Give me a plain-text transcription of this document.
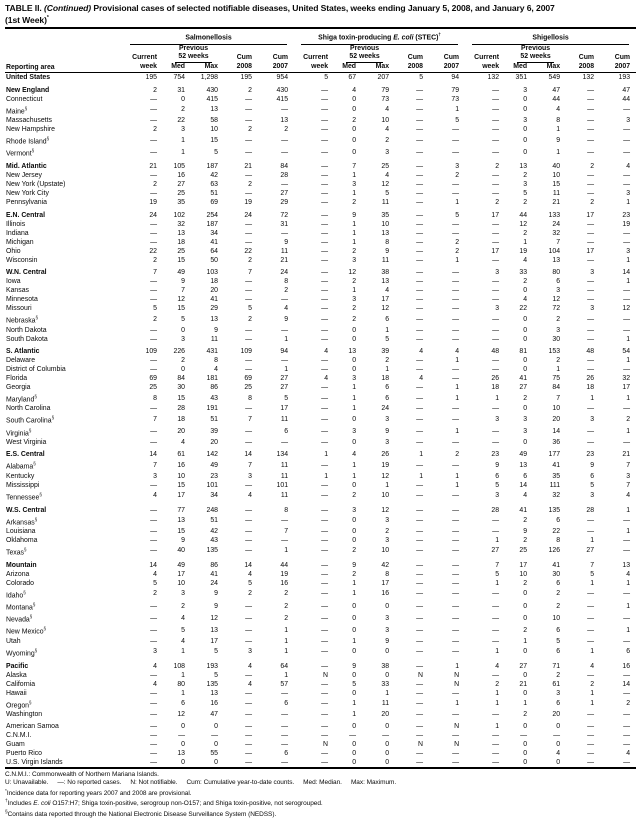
TABLE II. (Continued) Provisional cases of selected notifiable diseases, United States, weeks ending January 5, 2008, and January 6, 2007
(1st Week)*
Reporting area	Salmonellosis					Shiga toxin-producing E. coli (STEC)†					Shigellosis				

		Previous					Previous					Previous			
	Current	52 weeks		Cum	Cum	Current	52 weeks		Cum	Cum	Current	52 weeks		Cum	Cum
	week	Med	Max	2008	2007	week	Med	Max	2008	2007	week	Med	Max	2008	2007
United States	195	754	1,298	195	954	5	67	207	5	94	132	351	549	132	193

New England	2	31	430	2	430	—	4	79	—	79	—	3	47	—	47
Connecticut	—	0	415	—	415	—	0	73	—	73	—	0	44	—	44
Maine§	—	2	13	—	—	—	0	4	—	1	—	0	4	—	—
Massachusetts	—	22	58	—	13	—	2	10	—	5	—	3	8	—	3
New Hampshire	2	3	10	2	2	—	0	4	—	—	—	0	1	—	—
Rhode Island§	—	1	15	—	—	—	0	2	—	—	—	0	9	—	—
Vermont§	—	1	5	—	—	—	0	3	—	—	—	0	1	—	—

Mid. Atlantic	21	105	187	21	84	—	7	25	—	3	2	13	40	2	4
New Jersey	—	16	42	—	28	—	1	4	—	2	—	2	10	—	—
New York (Upstate)	2	27	63	2	—	—	3	12	—	—	—	3	15	—	—
New York City	—	25	51	—	27	—	1	5	—	—	—	5	11	—	3
Pennsylvania	19	35	69	19	29	—	2	11	—	1	2	2	21	2	1

E.N. Central	24	102	254	24	72	—	9	35	—	5	17	44	133	17	23
Illinois	—	32	187	—	31	—	1	10	—	—	—	12	24	—	19
Indiana	—	13	34	—	—	—	1	13	—	—	—	2	32	—	—
Michigan	—	18	41	—	9	—	1	8	—	2	—	1	7	—	—
Ohio	22	25	64	22	11	—	2	9	—	2	17	19	104	17	3
Wisconsin	2	15	50	2	21	—	3	11	—	1	—	4	13	—	1

W.N. Central	7	49	103	7	24	—	12	38	—	—	3	33	80	3	14
Iowa	—	9	18	—	8	—	2	13	—	—	—	2	6	—	1
Kansas	—	7	20	—	2	—	1	4	—	—	—	0	3	—	—
Minnesota	—	12	41	—	—	—	3	17	—	—	—	4	12	—	—
Missouri	5	15	29	5	4	—	2	12	—	—	3	22	72	3	12
Nebraska§	2	5	13	2	9	—	2	6	—	—	—	0	2	—	—
North Dakota	—	0	9	—	—	—	0	1	—	—	—	0	3	—	—
South Dakota	—	3	11	—	1	—	0	5	—	—	—	0	30	—	1

S. Atlantic	109	226	431	109	94	4	13	39	4	4	48	81	153	48	54
Delaware	—	2	8	—	—	—	0	2	—	1	—	0	2	—	1
District of Columbia	—	0	4	—	1	—	0	1	—	—	—	0	1	—	—
Florida	69	84	181	69	27	4	3	18	4	—	26	41	75	26	32
Georgia	25	30	86	25	27	—	1	6	—	1	18	27	84	18	17
Maryland§	8	15	43	8	5	—	1	6	—	1	1	2	7	1	1
North Carolina	—	28	191	—	17	—	1	24	—	—	—	0	10	—	—
South Carolina§	7	18	51	7	11	—	0	3	—	—	3	3	20	3	2
Virginia§	—	20	39	—	6	—	3	9	—	1	—	3	14	—	1
West Virginia	—	4	20	—	—	—	0	3	—	—	—	0	36	—	—

E.S. Central	14	61	142	14	134	1	4	26	1	2	23	49	177	23	21
Alabama§	7	16	49	7	11	—	1	19	—	—	9	13	41	9	7
Kentucky	3	10	23	3	11	1	1	12	1	1	6	6	35	6	3
Mississippi	—	15	101	—	101	—	0	1	—	1	5	14	111	5	7
Tennessee§	4	17	34	4	11	—	2	10	—	—	3	4	32	3	4

W.S. Central	—	77	248	—	8	—	3	12	—	—	28	41	135	28	1
Arkansas§	—	13	51	—	—	—	0	3	—	—	—	2	6	—	—
Louisiana	—	15	42	—	7	—	0	2	—	—	—	9	22	—	1
Oklahoma	—	9	43	—	—	—	0	3	—	—	1	2	8	1	—
Texas§	—	40	135	—	1	—	2	10	—	—	27	25	126	27	—

Mountain	14	49	86	14	44	—	9	42	—	—	7	17	41	7	13
Arizona	4	17	41	4	19	—	2	8	—	—	5	10	30	5	4
Colorado	5	10	24	5	16	—	1	17	—	—	1	2	6	1	1
Idaho§	2	3	9	2	2	—	1	16	—	—	—	0	2	—	—
Montana§	—	2	9	—	2	—	0	0	—	—	—	0	2	—	1
Nevada§	—	4	12	—	2	—	0	3	—	—	—	0	10	—	—
New Mexico§	—	5	13	—	1	—	0	3	—	—	—	2	6	—	1
Utah	—	4	17	—	1	—	1	9	—	—	—	1	5	—	—
Wyoming§	3	1	5	3	1	—	0	0	—	—	1	0	6	1	6

Pacific	4	108	193	4	64	—	9	38	—	1	4	27	71	4	16
Alaska	—	1	5	—	1	N	0	0	N	N	—	0	2	—	—
California	4	80	135	4	57	—	5	33	—	N	2	21	61	2	14
Hawaii	—	1	13	—	—	—	0	1	—	—	1	0	3	1	—
Oregon§	—	6	16	—	6	—	1	11	—	1	1	1	6	1	2
Washington	—	12	47	—	—	—	1	20	—	—	—	2	20	—	—

American Samoa	—	0	0	—	—	—	0	0	—	N	1	0	0	—	—
C.N.M.I.	—	—	—	—	—	—	—	—	—	—	—	—	—	—	—
Guam	—	0	0	—	—	N	0	0	N	N	—	0	0	—	—
Puerto Rico	—	13	55	—	6	—	0	0	—	—	—	0	4	—	4
U.S. Virgin Islands	—	0	0	—	—	—	0	0	—	—	—	0	0	—	—
C.N.M.I.: Commonwealth of Northern Mariana Islands.
U: Unavailable. —: No reported cases. N: Not notifiable. Cum: Cumulative year-to-date counts. Med: Median. Max: Maximum.
*Incidence data for reporting years 2007 and 2008 are provisional.
†Includes E. coli O157:H7; Shiga toxin-positive, serogroup non-O157; and Shiga toxin-positive, not serogrouped.
§Contains data reported through the National Electronic Disease Surveillance System (NEDSS).
